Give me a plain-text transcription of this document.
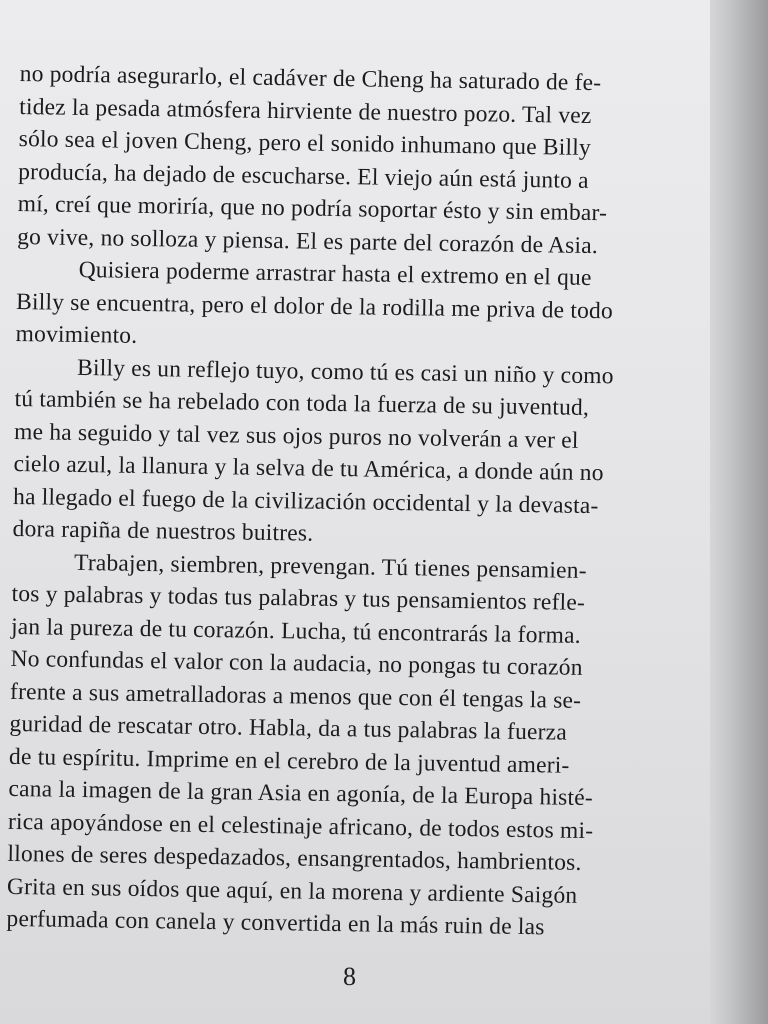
no podría asegurarlo, el cadáver de Cheng ha saturado de fe-
tidez la pesada atmósfera hirviente de nuestro pozo. Tal vez
sólo sea el joven Cheng, pero el sonido inhumano que Billy
producía, ha dejado de escucharse. El viejo aún está junto a
mí, creí que moriría, que no podría soportar ésto y sin embar-
go vive, no solloza y piensa. El es parte del corazón de Asia.
Quisiera poderme arrastrar hasta el extremo en el que
Billy se encuentra, pero el dolor de la rodilla me priva de todo
movimiento.
Billy es un reflejo tuyo, como tú es casi un niño y como
tú también se ha rebelado con toda la fuerza de su juventud,
me ha seguido y tal vez sus ojos puros no volverán a ver el
cielo azul, la llanura y la selva de tu América, a donde aún no
ha llegado el fuego de la civilización occidental y la devasta-
dora rapiña de nuestros buitres.
Trabajen, siembren, prevengan. Tú tienes pensamien-
tos y palabras y todas tus palabras y tus pensamientos refle-
jan la pureza de tu corazón. Lucha, tú encontrarás la forma.
No confundas el valor con la audacia, no pongas tu corazón
frente a sus ametralladoras a menos que con él tengas la se-
guridad de rescatar otro. Habla, da a tus palabras la fuerza
de tu espíritu. Imprime en el cerebro de la juventud ameri-
cana la imagen de la gran Asia en agonía, de la Europa histé-
rica apoyándose en el celestinaje africano, de todos estos mi-
llones de seres despedazados, ensangrentados, hambrientos.
Grita en sus oídos que aquí, en la morena y ardiente Saigón
perfumada con canela y convertida en la más ruin de las
8
